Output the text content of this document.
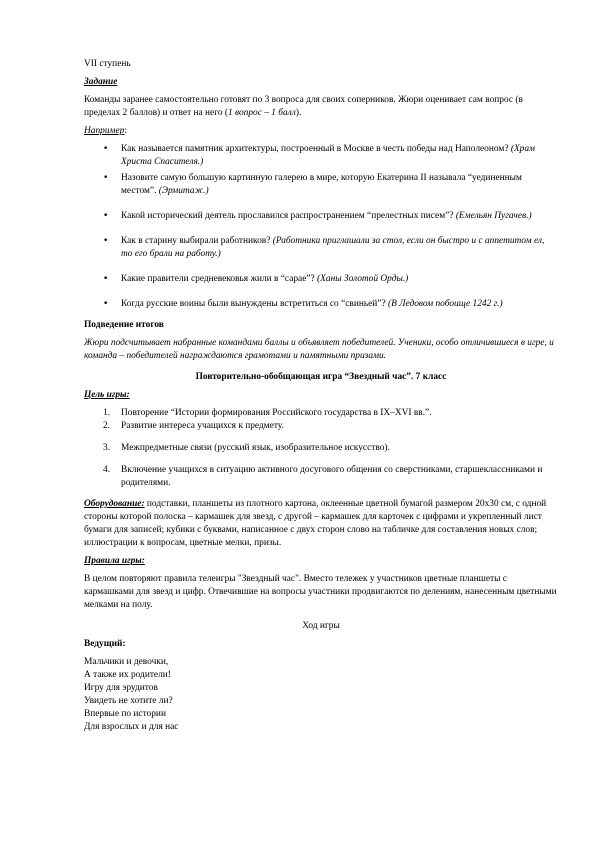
VII ступень

Задание

Команды заранее самостоятельно готовят по 3 вопроса для своих соперников. Жюри оценивает сам вопрос (в пределах 2 баллов) и ответ на него (1 вопрос – 1 балл).

Например:

• Как называется памятник архитектуры, построенный в Москве в честь победы над Наполеоном? (Храм Христа Спасителя.)
• Назовите самую большую картинную галерею в мире, которую Екатерина II называла “уединенным местом”. (Эрмитаж.)
• Какой исторический деятель прославился распространением “прелестных писем”? (Емельян Пугачев.)
• Как в старину выбирали работников? (Работника приглашали за стол, если он быстро и с аппетитом ел, то его брали на работу.)
• Какие правители средневековья жили в “сарае”? (Ханы Золотой Орды.)
• Когда русские воины были вынуждены встретиться со “свиньей”? (В Ледовом побоище 1242 г.)

Подведение итогов

Жюри подсчитывает набранные командами баллы и объявляет победителей. Ученики, особо отличившиеся в игре, и команда – победителей награждаются грамотами и памятными призами.

Повторительно-обобщающая игра “Звездный час”. 7 класс

Цель игры:

1. Повторение “Истории формирования Российского государства в IX–XVI вв.”.
2. Развитие интереса учащихся к предмету.
3. Межпредметные связи (русский язык, изобразительное искусство).
4. Включение учащихся в ситуацию активного досугового общения со сверстниками, старшеклассниками и родителями.

Оборудование: подставки, планшеты из плотного картона, оклеенные цветной бумагой размером 20х30 см, с одной стороны которой полоска – кармашек для звезд, с другой – кармашек для карточек с цифрами и укрепленный лист бумаги для записей; кубики с буквами, написанное с двух сторон слово на табличке для составления новых слов; иллюстрации к вопросам, цветные мелки, призы.

Правила игры:

В целом повторяют правила телеигры "Звездный час". Вместо тележек у участников цветные планшеты с кармашками для звезд и цифр. Отвечившие на вопросы участники продвигаются по делениям, нанесенным цветными мелками на полу.

Ход игры

Ведущий:

Мальчики и девочки,

А также их родители!

Игру для эрудитов

Увидеть не хотите ли?

Впервые по истории

Для взрослых и для нас
